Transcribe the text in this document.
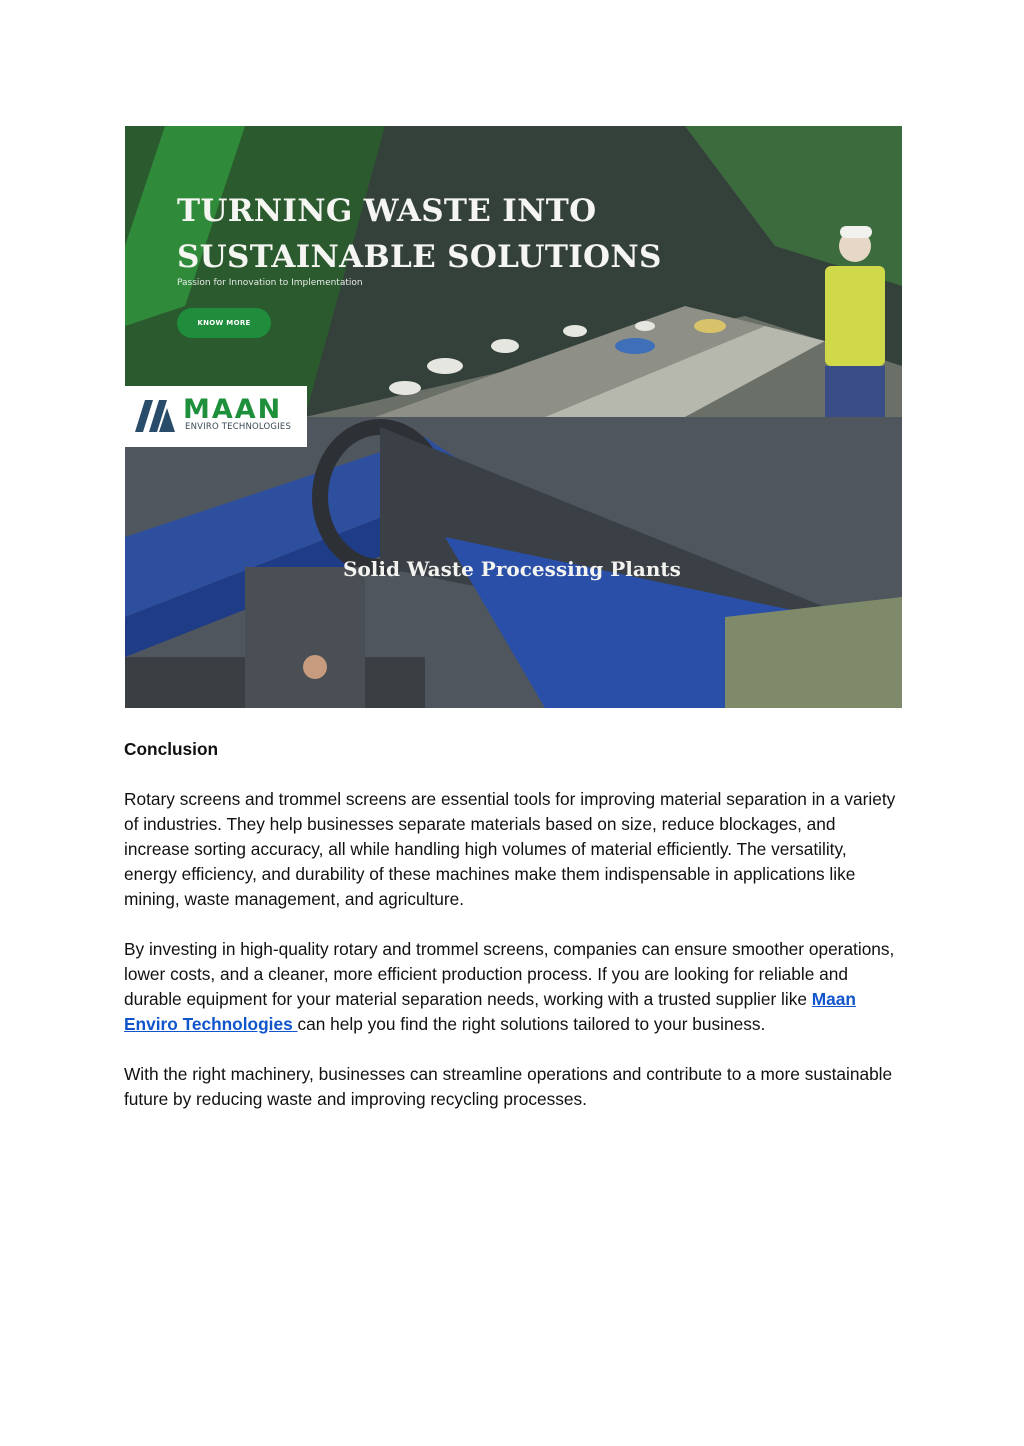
TURNING WASTE INTO
SUSTAINABLE SOLUTIONS
Passion for Innovation to Implementation
KNOW MORE
Solid Waste Processing Plants
MAAN
ENVIRO TECHNOLOGIES

Conclusion

Rotary screens and trommel screens are essential tools for improving material separation in a variety of industries. They help businesses separate materials based on size, reduce blockages, and increase sorting accuracy, all while handling high volumes of material efficiently. The versatility, energy efficiency, and durability of these machines make them indispensable in applications like mining, waste management, and agriculture.

By investing in high-quality rotary and trommel screens, companies can ensure smoother operations, lower costs, and a cleaner, more efficient production process. If you are looking for reliable and durable equipment for your material separation needs, working with a trusted supplier like Maan Enviro Technologies can help you find the right solutions tailored to your business.

With the right machinery, businesses can streamline operations and contribute to a more sustainable future by reducing waste and improving recycling processes.
